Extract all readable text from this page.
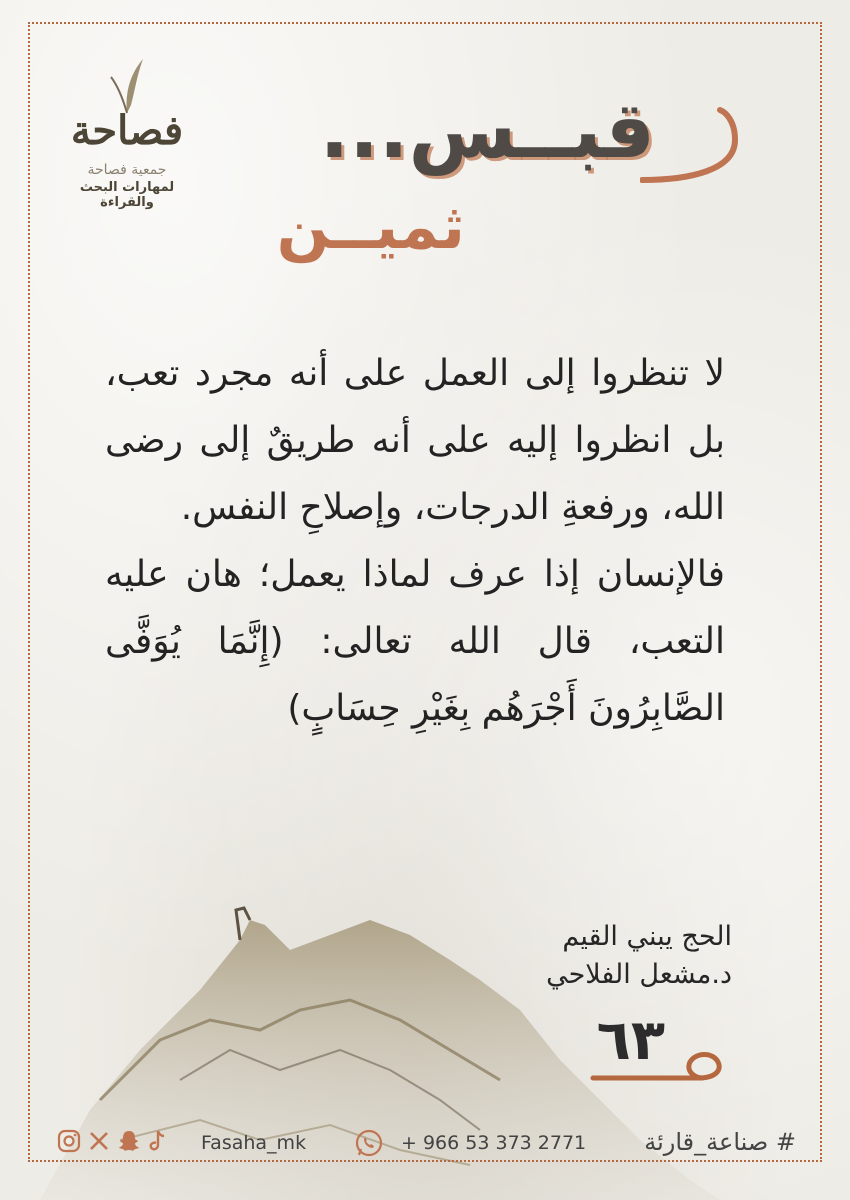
فصاحة
جمعية فصاحة
لمهارات البحث والقراءة
قبــس...
ثميــن

لا تنظروا إلى العمل على أنه مجرد تعب، بل انظروا إليه على أنه طريقٌ إلى رضى الله، ورفعةِ الدرجات، وإصلاحِ النفس.

فالإنسان إذا عرف لماذا يعمل؛ هان عليه التعب، قال الله تعالى: (إِنَّمَا يُوَفَّى الصَّابِرُونَ أَجْرَهُم بِغَيْرِ حِسَابٍ)

الحج يبني القيم
د.مشعل الفلاحي
٦٣
Fasaha_mk	+ 966 53 373 2771 # صناعة_قارئة
